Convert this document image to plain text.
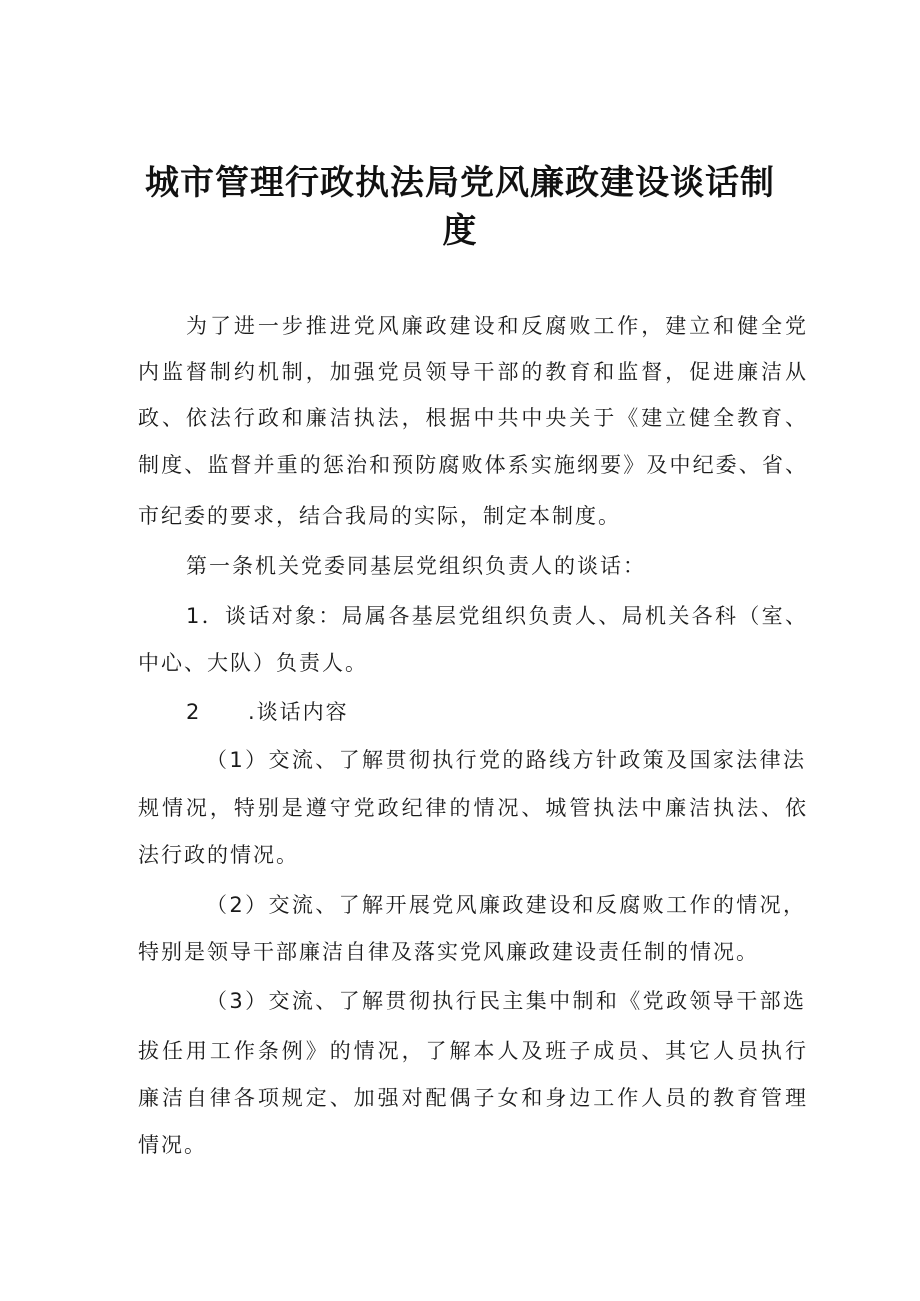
城市管理行政执法局党风廉政建设谈话制
度
为了进一步推进党风廉政建设和反腐败工作，建立和健全党
内监督制约机制，加强党员领导干部的教育和监督，促进廉洁从
政、依法行政和廉洁执法，根据中共中央关于《建立健全教育、
制度、监督并重的惩治和预防腐败体系实施纲要》及中纪委、省、
市纪委的要求，结合我局的实际，制定本制度。
第一条机关党委同基层党组织负责人的谈话：
1．谈话对象：局属各基层党组织负责人、局机关各科（室、
中心、大队）负责人。
2 .谈话内容
（1）交流、了解贯彻执行党的路线方针政策及国家法律法
规情况，特别是遵守党政纪律的情况、城管执法中廉洁执法、依
法行政的情况。
（2）交流、了解开展党风廉政建设和反腐败工作的情况，
特别是领导干部廉洁自律及落实党风廉政建设责任制的情况。
（3）交流、了解贯彻执行民主集中制和《党政领导干部选
拔任用工作条例》的情况，了解本人及班子成员、其它人员执行
廉洁自律各项规定、加强对配偶子女和身边工作人员的教育管理
情况。
